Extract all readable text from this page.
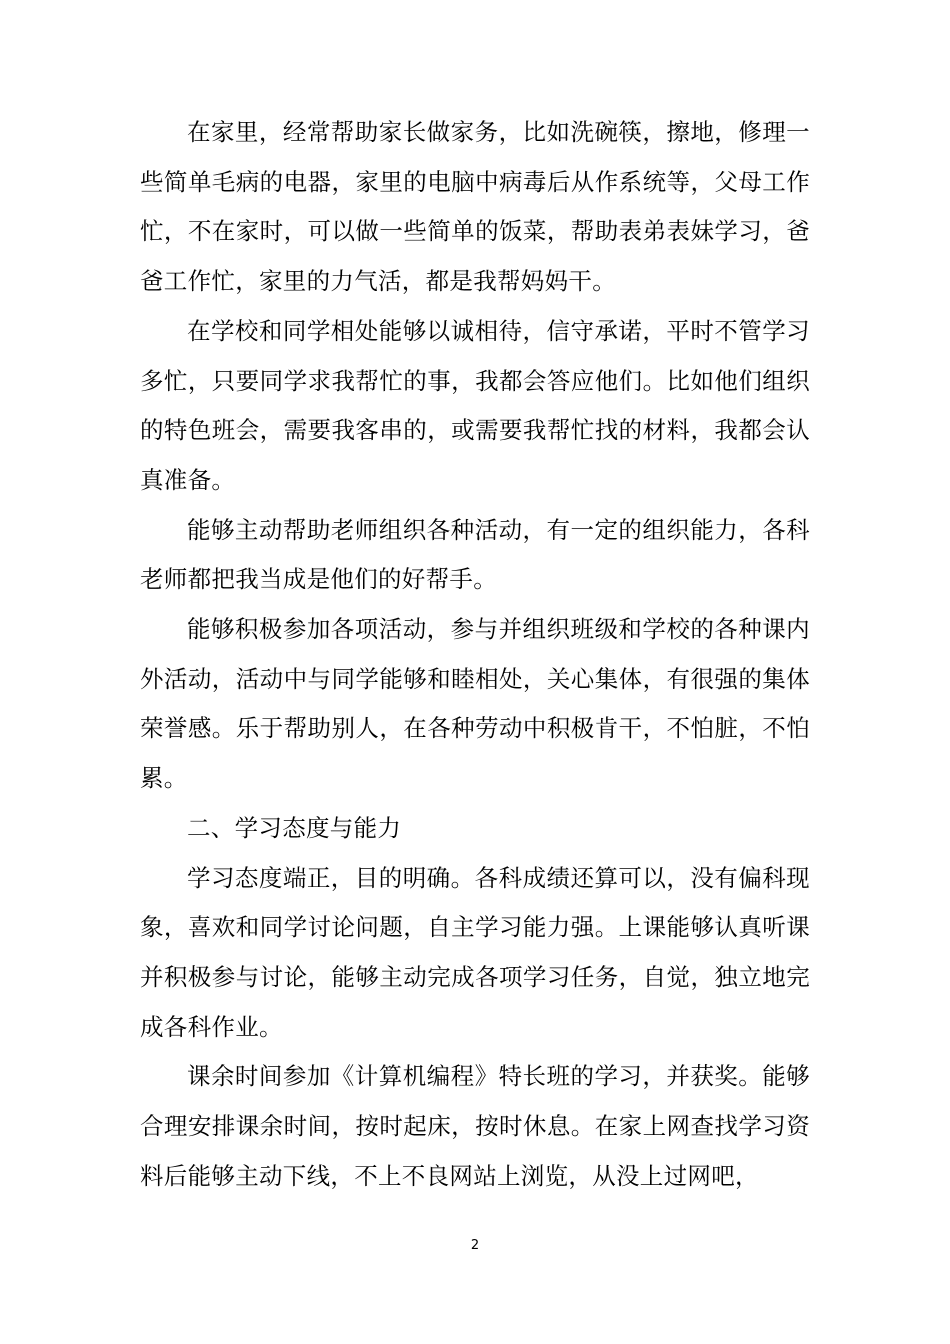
在家里，经常帮助家长做家务，比如洗碗筷，擦地，修理一些简单毛病的电器，家里的电脑中病毒后从作系统等，父母工作忙，不在家时，可以做一些简单的饭菜，帮助表弟表妹学习，爸爸工作忙，家里的力气活，都是我帮妈妈干。

在学校和同学相处能够以诚相待，信守承诺，平时不管学习多忙，只要同学求我帮忙的事，我都会答应他们。比如他们组织的特色班会，需要我客串的，或需要我帮忙找的材料，我都会认真准备。

能够主动帮助老师组织各种活动，有一定的组织能力，各科老师都把我当成是他们的好帮手。

能够积极参加各项活动，参与并组织班级和学校的各种课内外活动，活动中与同学能够和睦相处，关心集体，有很强的集体荣誉感。乐于帮助别人，在各种劳动中积极肯干，不怕脏，不怕累。

二、学习态度与能力

学习态度端正，目的明确。各科成绩还算可以，没有偏科现象，喜欢和同学讨论问题，自主学习能力强。上课能够认真听课并积极参与讨论，能够主动完成各项学习任务，自觉，独立地完成各科作业。

课余时间参加《计算机编程》特长班的学习，并获奖。能够合理安排课余时间，按时起床，按时休息。在家上网查找学习资料后能够主动下线，不上不良网站上浏览，从没上过网吧，

2
